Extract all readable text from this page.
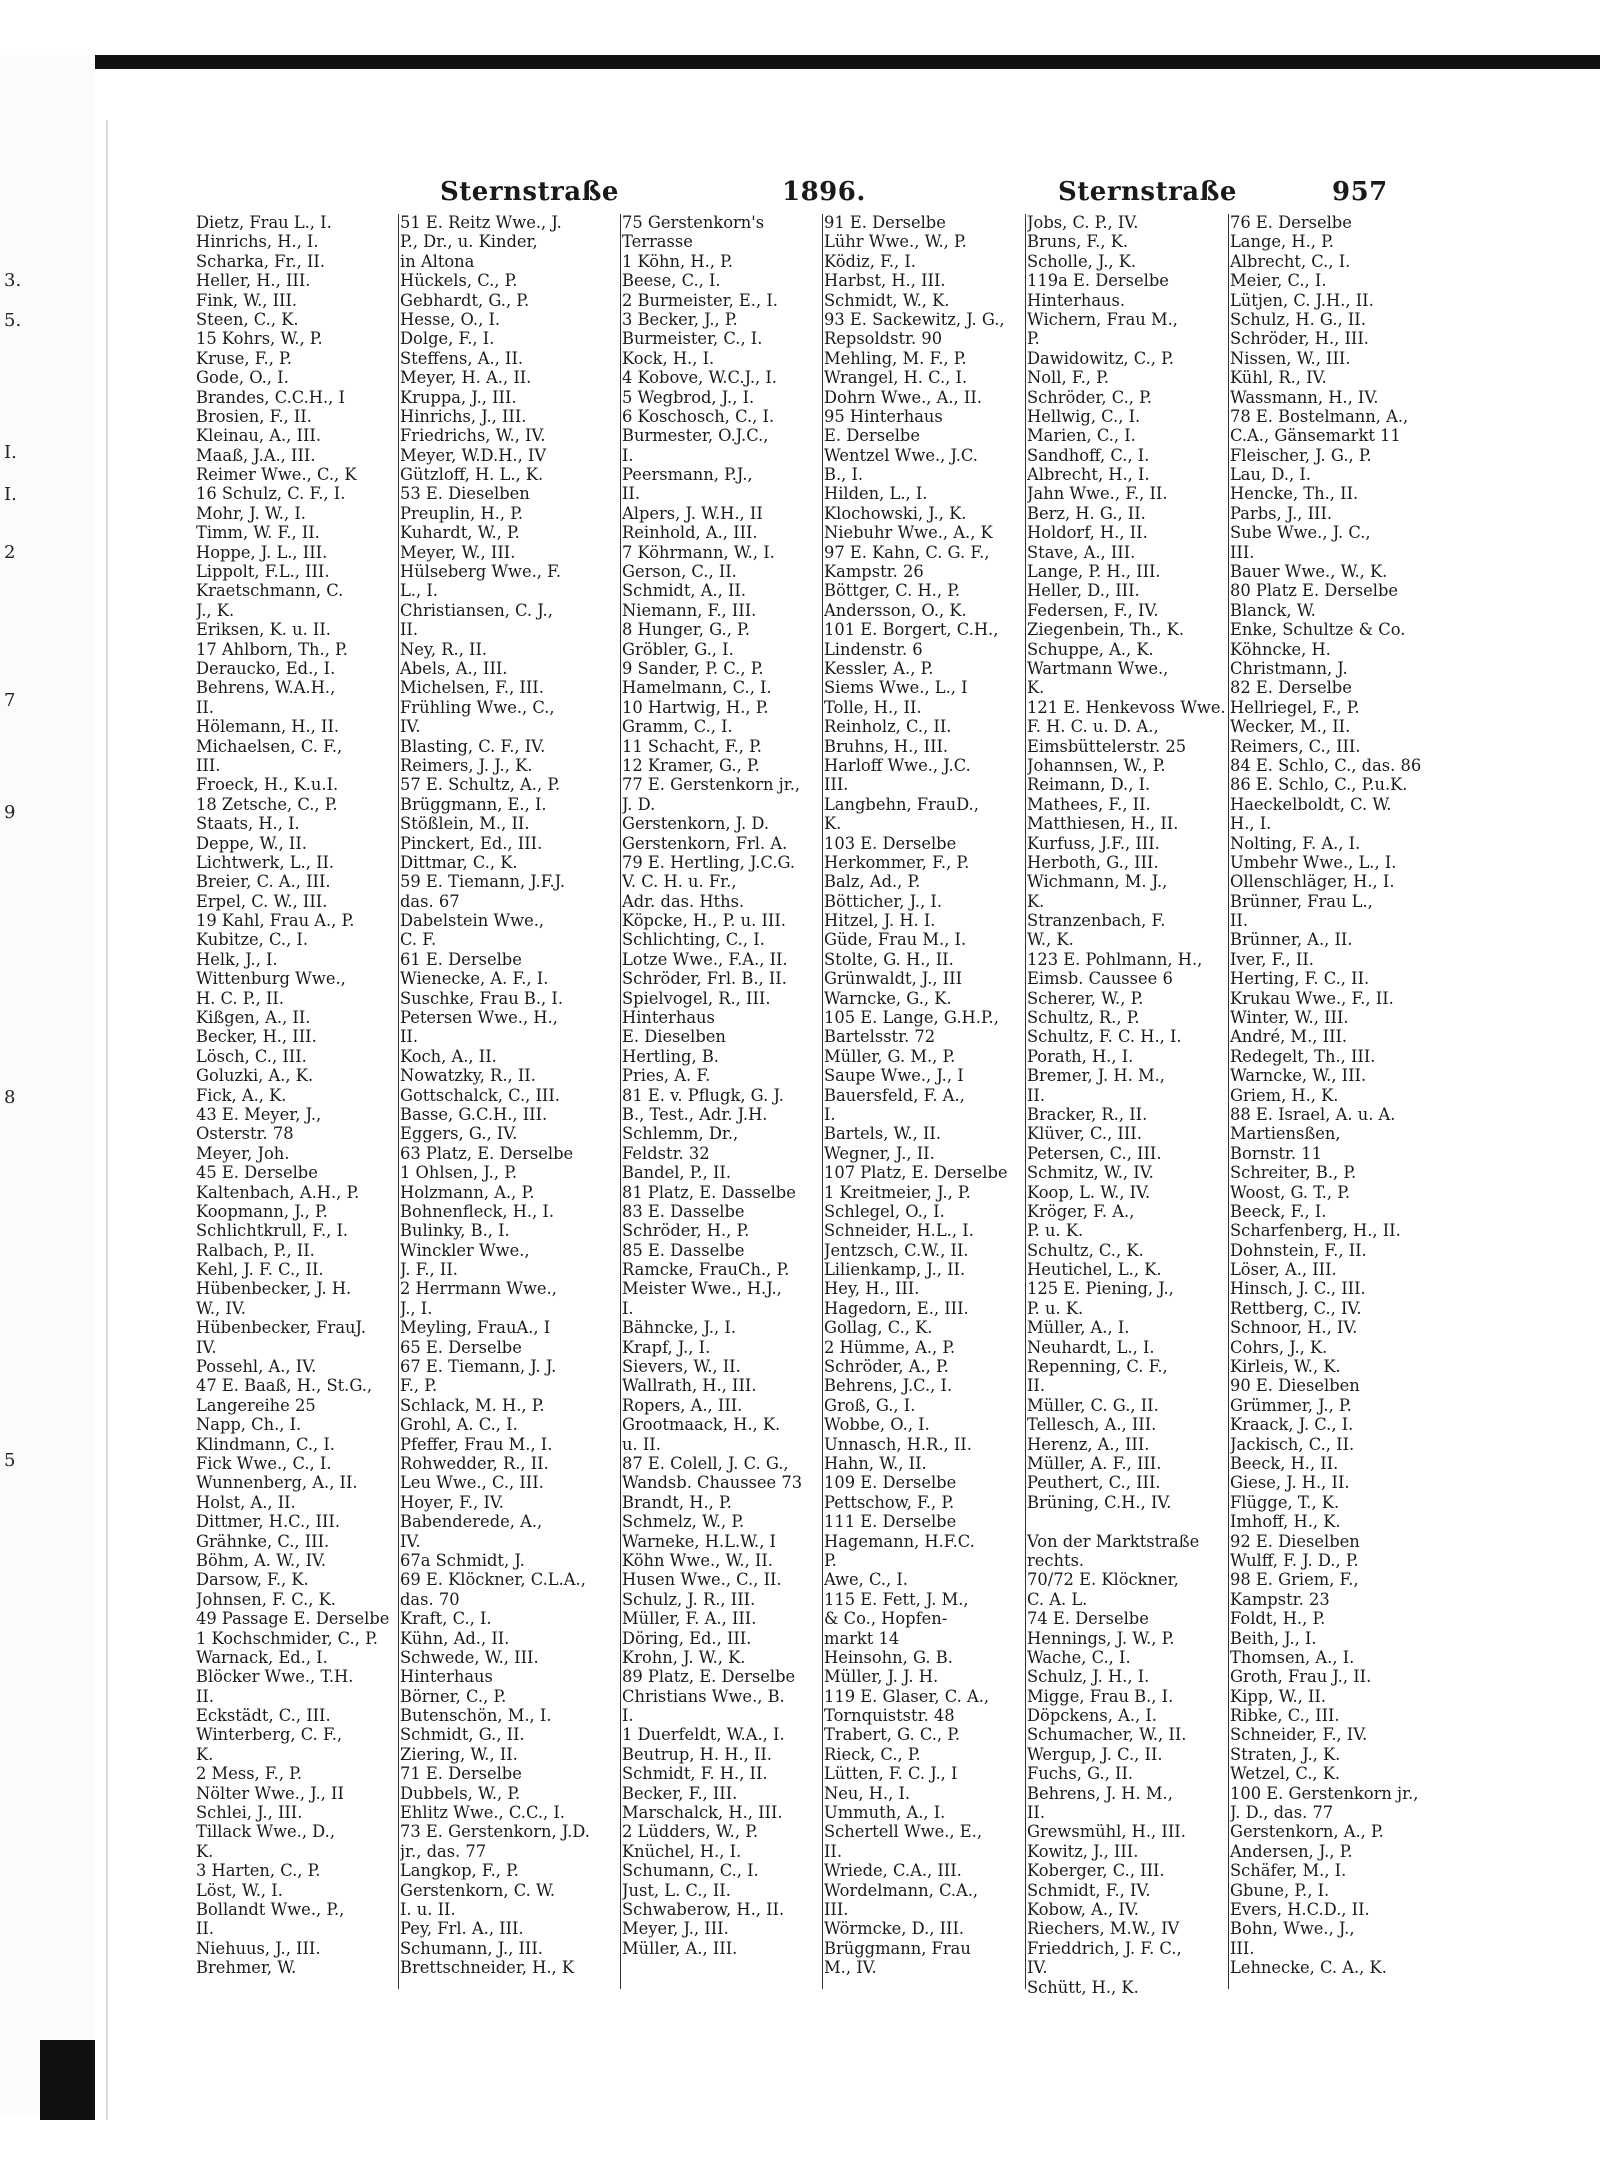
3.
5.
I.
I.
2
7
9
8
5
Sternstraße	1896.	Sternstraße	957
Dietz, Frau L., I.
Hinrichs, H., I.
Scharka, Fr., II.
Heller, H., III.
Fink, W., III.
Steen, C., K.
15 Kohrs, W., P.
Kruse, F., P.
Gode, O., I.
Brandes, C.C.H., I
Brosien, F., II.
Kleinau, A., III.
Maaß, J.A., III.
Reimer Wwe., C., K
16 Schulz, C. F., I.
Mohr, J. W., I.
Timm, W. F., II.
Hoppe, J. L., III.
Lippolt, F.L., III.
Kraetschmann, C.
J., K.
Eriksen, K. u. II.
17 Ahlborn, Th., P.
Deraucko, Ed., I.
Behrens, W.A.H.,
II.
Hölemann, H., II.
Michaelsen, C. F.,
III.
Froeck, H., K.u.I.
18 Zetsche, C., P.
Staats, H., I.
Deppe, W., II.
Lichtwerk, L., II.
Breier, C. A., III.
Erpel, C. W., III.
19 Kahl, Frau A., P.
Kubitze, C., I.
Helk, J., I.
Wittenburg Wwe.,
H. C. P., II.
Kißgen, A., II.
Becker, H., III.
Lösch, C., III.
Goluzki, A., K.
Fick, A., K.
43 E. Meyer, J.,
Osterstr. 78
Meyer, Joh.
45 E. Derselbe
Kaltenbach, A.H., P.
Koopmann, J., P.
Schlichtkrull, F., I.
Ralbach, P., II.
Kehl, J. F. C., II.
Hübenbecker, J. H.
W., IV.
Hübenbecker, FrauJ.
IV.
Possehl, A., IV.
47 E. Baaß, H., St.G.,
Langereihe 25
Napp, Ch., I.
Klindmann, C., I.
Fick Wwe., C., I.
Wunnenberg, A., II.
Holst, A., II.
Dittmer, H.C., III.
Grähnke, C., III.
Böhm, A. W., IV.
Darsow, F., K.
Johnsen, F. C., K.
49 Passage E. Derselbe
1 Kochschmider, C., P.
Warnack, Ed., I.
Blöcker Wwe., T.H.
II.
Eckstädt, C., III.
Winterberg, C. F.,
K.
2 Mess, F., P.
Nölter Wwe., J., II
Schlei, J., III.
Tillack Wwe., D.,
K.
3 Harten, C., P.
Löst, W., I.
Bollandt Wwe., P.,
II.
Niehuus, J., III.
Brehmer, W.
51 E. Reitz Wwe., J.
P., Dr., u. Kinder,
in Altona
Hückels, C., P.
Gebhardt, G., P.
Hesse, O., I.
Dolge, F., I.
Steffens, A., II.
Meyer, H. A., II.
Kruppa, J., III.
Hinrichs, J., III.
Friedrichs, W., IV.
Meyer, W.D.H., IV
Gützloff, H. L., K.
53 E. Dieselben
Preuplin, H., P.
Kuhardt, W., P.
Meyer, W., III.
Hülseberg Wwe., F.
L., I.
Christiansen, C. J.,
II.
Ney, R., II.
Abels, A., III.
Michelsen, F., III.
Frühling Wwe., C.,
IV.
Blasting, C. F., IV.
Reimers, J. J., K.
57 E. Schultz, A., P.
Brüggmann, E., I.
Stößlein, M., II.
Pinckert, Ed., III.
Dittmar, C., K.
59 E. Tiemann, J.F.J.
das. 67
Dabelstein Wwe.,
C. F.
61 E. Derselbe
Wienecke, A. F., I.
Suschke, Frau B., I.
Petersen Wwe., H.,
II.
Koch, A., II.
Nowatzky, R., II.
Gottschalck, C., III.
Basse, G.C.H., III.
Eggers, G., IV.
63 Platz, E. Derselbe
1 Ohlsen, J., P.
Holzmann, A., P.
Bohnenfleck, H., I.
Bulinky, B., I.
Winckler Wwe.,
J. F., II.
2 Herrmann Wwe.,
J., I.
Meyling, FrauA., I
65 E. Derselbe
67 E. Tiemann, J. J.
F., P.
Schlack, M. H., P.
Grohl, A. C., I.
Pfeffer, Frau M., I.
Rohwedder, R., II.
Leu Wwe., C., III.
Hoyer, F., IV.
Babenderede, A.,
IV.
67a Schmidt, J.
69 E. Klöckner, C.L.A.,
das. 70
Kraft, C., I.
Kühn, Ad., II.
Schwede, W., III.
Hinterhaus
Börner, C., P.
Butenschön, M., I.
Schmidt, G., II.
Ziering, W., II.
71 E. Derselbe
Dubbels, W., P.
Ehlitz Wwe., C.C., I.
73 E. Gerstenkorn, J.D.
jr., das. 77
Langkop, F., P.
Gerstenkorn, C. W.
I. u. II.
Pey, Frl. A., III.
Schumann, J., III.
Brettschneider, H., K
75 Gerstenkorn's
Terrasse
1 Köhn, H., P.
Beese, C., I.
2 Burmeister, E., I.
3 Becker, J., P.
Burmeister, C., I.
Kock, H., I.
4 Kobove, W.C.J., I.
5 Wegbrod, J., I.
6 Koschosch, C., I.
Burmester, O.J.C.,
I.
Peersmann, P.J.,
II.
Alpers, J. W.H., II
Reinhold, A., III.
7 Köhrmann, W., I.
Gerson, C., II.
Schmidt, A., II.
Niemann, F., III.
8 Hunger, G., P.
Gröbler, G., I.
9 Sander, P. C., P.
Hamelmann, C., I.
10 Hartwig, H., P.
Gramm, C., I.
11 Schacht, F., P.
12 Kramer, G., P.
77 E. Gerstenkorn jr.,
J. D.
Gerstenkorn, J. D.
Gerstenkorn, Frl. A.
79 E. Hertling, J.C.G.
V. C. H. u. Fr.,
Adr. das. Hths.
Köpcke, H., P. u. III.
Schlichting, C., I.
Lotze Wwe., F.A., II.
Schröder, Frl. B., II.
Spielvogel, R., III.
Hinterhaus
E. Dieselben
Hertling, B.
Pries, A. F.
81 E. v. Pflugk, G. J.
B., Test., Adr. J.H.
Schlemm, Dr.,
Feldstr. 32
Bandel, P., II.
81 Platz, E. Dasselbe
83 E. Dasselbe
Schröder, H., P.
85 E. Dasselbe
Ramcke, FrauCh., P.
Meister Wwe., H.J.,
I.
Bähncke, J., I.
Krapf, J., I.
Sievers, W., II.
Wallrath, H., III.
Ropers, A., III.
Grootmaack, H., K.
u. II.
87 E. Colell, J. C. G.,
Wandsb. Chaussee 73
Brandt, H., P.
Schmelz, W., P.
Warneke, H.L.W., I
Köhn Wwe., W., II.
Husen Wwe., C., II.
Schulz, J. R., III.
Müller, F. A., III.
Döring, Ed., III.
Krohn, J. W., K.
89 Platz, E. Derselbe
Christians Wwe., B.
I.
1 Duerfeldt, W.A., I.
Beutrup, H. H., II.
Schmidt, F. H., II.
Becker, F., III.
Marschalck, H., III.
2 Lüdders, W., P.
Knüchel, H., I.
Schumann, C., I.
Just, L. C., II.
Schwaberow, H., II.
Meyer, J., III.
Müller, A., III.
91 E. Derselbe
Lühr Wwe., W., P.
Ködiz, F., I.
Harbst, H., III.
Schmidt, W., K.
93 E. Sackewitz, J. G.,
Repsoldstr. 90
Mehling, M. F., P.
Wrangel, H. C., I.
Dohrn Wwe., A., II.
95 Hinterhaus
E. Derselbe
Wentzel Wwe., J.C.
B., I.
Hilden, L., I.
Klochowski, J., K.
Niebuhr Wwe., A., K
97 E. Kahn, C. G. F.,
Kampstr. 26
Böttger, C. H., P.
Andersson, O., K.
101 E. Borgert, C.H.,
Lindenstr. 6
Kessler, A., P.
Siems Wwe., L., I
Tolle, H., II.
Reinholz, C., II.
Bruhns, H., III.
Harloff Wwe., J.C.
III.
Langbehn, FrauD.,
K.
103 E. Derselbe
Herkommer, F., P.
Balz, Ad., P.
Bötticher, J., I.
Hitzel, J. H. I.
Güde, Frau M., I.
Stolte, G. H., II.
Grünwaldt, J., III
Warncke, G., K.
105 E. Lange, G.H.P.,
Bartelsstr. 72
Müller, G. M., P.
Saupe Wwe., J., I
Bauersfeld, F. A.,
I.
Bartels, W., II.
Wegner, J., II.
107 Platz, E. Derselbe
1 Kreitmeier, J., P.
Schlegel, O., I.
Schneider, H.L., I.
Jentzsch, C.W., II.
Lilienkamp, J., II.
Hey, H., III.
Hagedorn, E., III.
Gollag, C., K.
2 Hümme, A., P.
Schröder, A., P.
Behrens, J.C., I.
Groß, G., I.
Wobbe, O., I.
Unnasch, H.R., II.
Hahn, W., II.
109 E. Derselbe
Pettschow, F., P.
111 E. Derselbe
Hagemann, H.F.C.
P.
Awe, C., I.
115 E. Fett, J. M.,
& Co., Hopfen-
markt 14
Heinsohn, G. B.
Müller, J. J. H.
119 E. Glaser, C. A.,
Tornquiststr. 48
Trabert, G. C., P.
Rieck, C., P.
Lütten, F. C. J., I
Neu, H., I.
Ummuth, A., I.
Schertell Wwe., E.,
II.
Wriede, C.A., III.
Wordelmann, C.A.,
III.
Wörmcke, D., III.
Brüggmann, Frau
M., IV.
Jobs, C. P., IV.
Bruns, F., K.
Scholle, J., K.
119a E. Derselbe
Hinterhaus.
Wichern, Frau M.,
P.
Dawidowitz, C., P.
Noll, F., P.
Schröder, C., P.
Hellwig, C., I.
Marien, C., I.
Sandhoff, C., I.
Albrecht, H., I.
Jahn Wwe., F., II.
Berz, H. G., II.
Holdorf, H., II.
Stave, A., III.
Lange, P. H., III.
Heller, D., III.
Federsen, F., IV.
Ziegenbein, Th., K.
Schuppe, A., K.
Wartmann Wwe.,
K.
121 E. Henkevoss Wwe.
F. H. C. u. D. A.,
Eimsbüttelerstr. 25
Johannsen, W., P.
Reimann, D., I.
Mathees, F., II.
Matthiesen, H., II.
Kurfuss, J.F., III.
Herboth, G., III.
Wichmann, M. J.,
K.
Stranzenbach, F.
W., K.
123 E. Pohlmann, H.,
Eimsb. Caussee 6
Scherer, W., P.
Schultz, R., P.
Schultz, F. C. H., I.
Porath, H., I.
Bremer, J. H. M.,
II.
Bracker, R., II.
Klüver, C., III.
Petersen, C., III.
Schmitz, W., IV.
Koop, L. W., IV.
Kröger, F. A.,
P. u. K.
Schultz, C., K.
Heutichel, L., K.
125 E. Piening, J.,
P. u. K.
Müller, A., I.
Neuhardt, L., I.
Repenning, C. F.,
II.
Müller, C. G., II.
Tellesch, A., III.
Herenz, A., III.
Müller, A. F., III.
Peuthert, C., III.
Brüning, C.H., IV.
Von der Marktstraße
rechts.
70/72 E. Klöckner,
C. A. L.
74 E. Derselbe
Hennings, J. W., P.
Wache, C., I.
Schulz, J. H., I.
Migge, Frau B., I.
Döpckens, A., I.
Schumacher, W., II.
Wergup, J. C., II.
Fuchs, G., II.
Behrens, J. H. M.,
II.
Grewsmühl, H., III.
Kowitz, J., III.
Koberger, C., III.
Schmidt, F., IV.
Kobow, A., IV.
Riechers, M.W., IV
Frieddrich, J. F. C.,
IV.
Schütt, H., K.
76 E. Derselbe
Lange, H., P.
Albrecht, C., I.
Meier, C., I.
Lütjen, C. J.H., II.
Schulz, H. G., II.
Schröder, H., III.
Nissen, W., III.
Kühl, R., IV.
Wassmann, H., IV.
78 E. Bostelmann, A.,
C.A., Gänsemarkt 11
Fleischer, J. G., P.
Lau, D., I.
Hencke, Th., II.
Parbs, J., III.
Sube Wwe., J. C.,
III.
Bauer Wwe., W., K.
80 Platz E. Derselbe
Blanck, W.
Enke, Schultze & Co.
Köhncke, H.
Christmann, J.
82 E. Derselbe
Hellriegel, F., P.
Wecker, M., II.
Reimers, C., III.
84 E. Schlo, C., das. 86
86 E. Schlo, C., P.u.K.
Haeckelboldt, C. W.
H., I.
Nolting, F. A., I.
Umbehr Wwe., L., I.
Ollenschläger, H., I.
Brünner, Frau L.,
II.
Brünner, A., II.
Iver, F., II.
Herting, F. C., II.
Krukau Wwe., F., II.
Winter, W., III.
André, M., III.
Redegelt, Th., III.
Warncke, W., III.
Griem, H., K.
88 E. Israel, A. u. A.
Martiensßen,
Bornstr. 11
Schreiter, B., P.
Woost, G. T., P.
Beeck, F., I.
Scharfenberg, H., II.
Dohnstein, F., II.
Löser, A., III.
Hinsch, J. C., III.
Rettberg, C., IV.
Schnoor, H., IV.
Cohrs, J., K.
Kirleis, W., K.
90 E. Dieselben
Grümmer, J., P.
Kraack, J. C., I.
Jackisch, C., II.
Beeck, H., II.
Giese, J. H., II.
Flügge, T., K.
Imhoff, H., K.
92 E. Dieselben
Wulff, F. J. D., P.
98 E. Griem, F.,
Kampstr. 23
Foldt, H., P.
Beith, J., I.
Thomsen, A., I.
Groth, Frau J., II.
Kipp, W., II.
Ribke, C., III.
Schneider, F., IV.
Straten, J., K.
Wetzel, C., K.
100 E. Gerstenkorn jr.,
J. D., das. 77
Gerstenkorn, A., P.
Andersen, J., P.
Schäfer, M., I.
Gbune, P., I.
Evers, H.C.D., II.
Bohn, Wwe., J.,
III.
Lehnecke, C. A., K.
